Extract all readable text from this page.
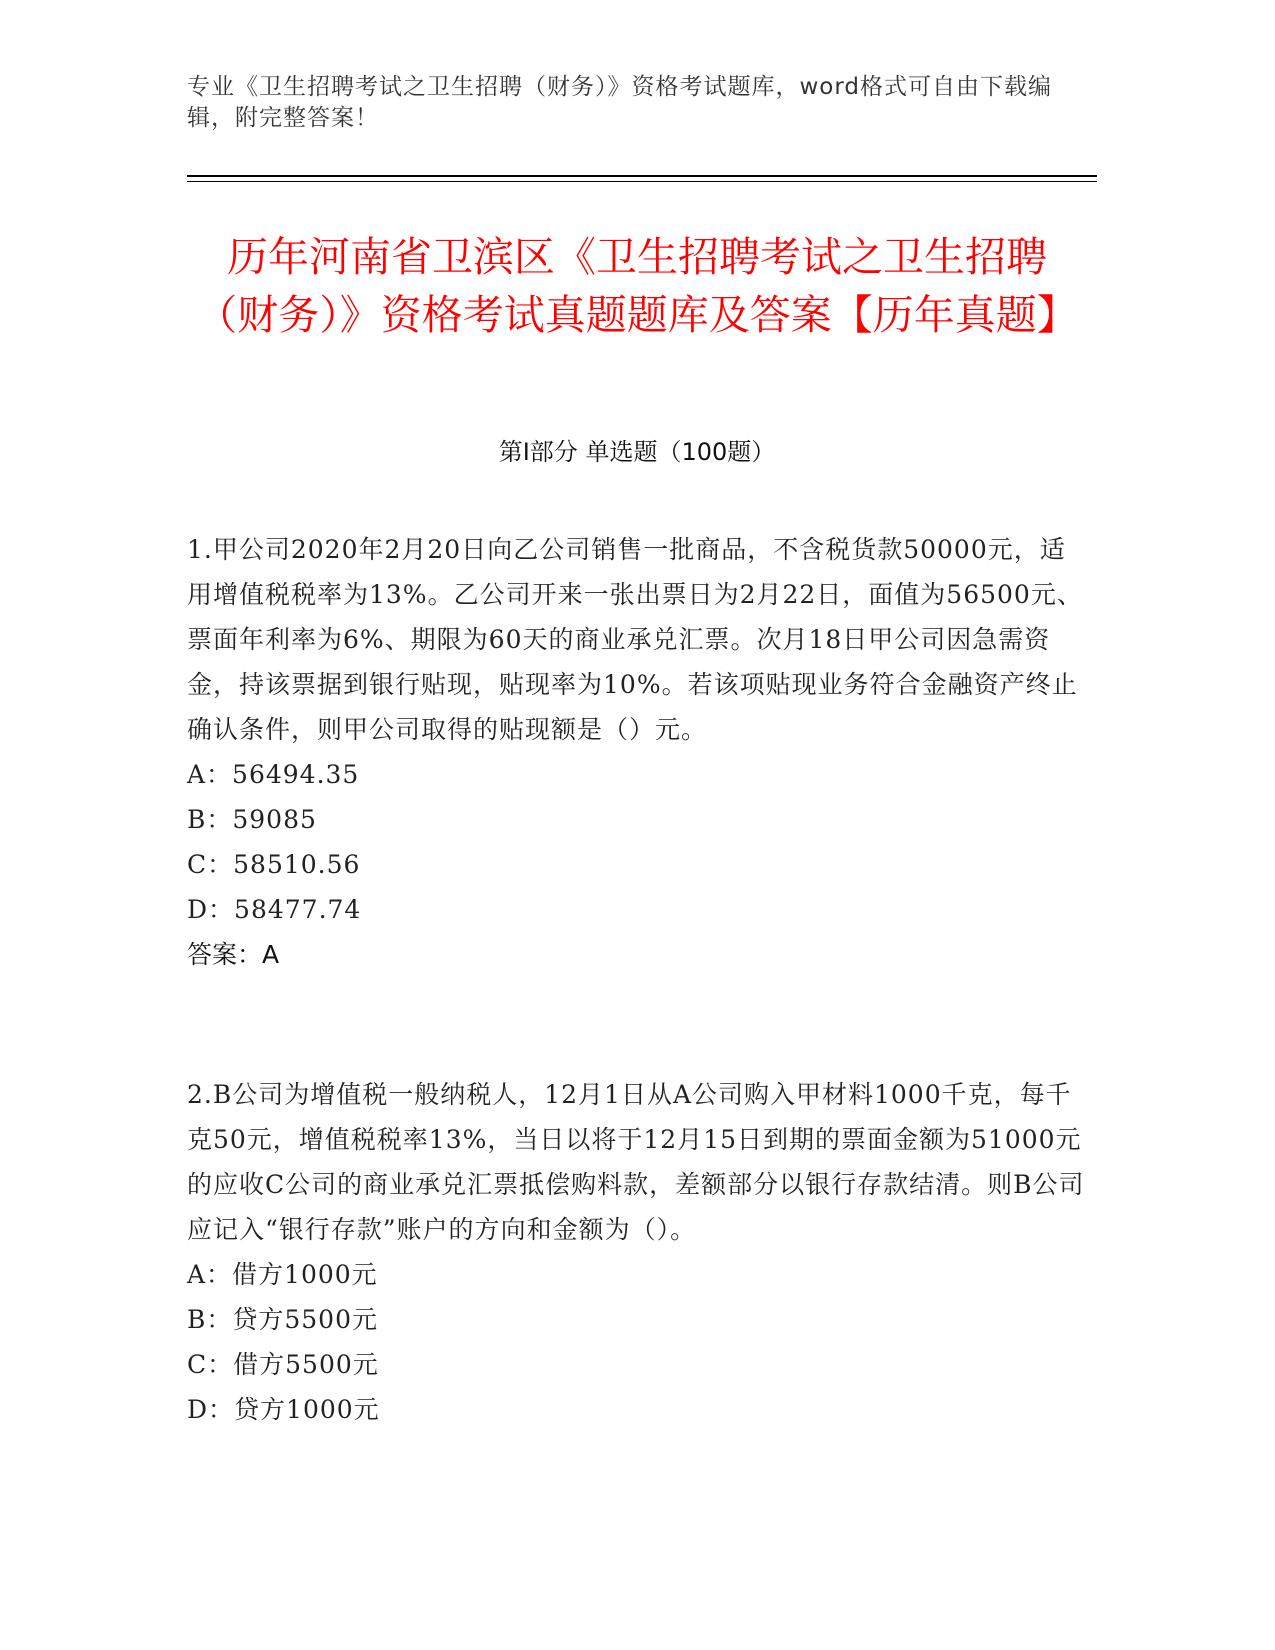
专业《卫生招聘考试之卫生招聘（财务）》资格考试题库，word格式可自由下载编辑，附完整答案！
历年河南省卫滨区《卫生招聘考试之卫生招聘（财务）》资格考试真题题库及答案【历年真题】
第I部分 单选题（100题）

1.甲公司2020年2月20日向乙公司销售一批商品，不含税货款50000元，适用增值税税率为13%。乙公司开来一张出票日为2月22日，面值为56500元、票面年利率为6%、期限为60天的商业承兑汇票。次月18日甲公司因急需资金，持该票据到银行贴现，贴现率为10%。若该项贴现业务符合金融资产终止确认条件，则甲公司取得的贴现额是（）元。

A：56494.35

B：59085

C：58510.56

D：58477.74

答案：A

2.B公司为增值税一般纳税人，12月1日从A公司购入甲材料1000千克，每千克50元，增值税税率13%，当日以将于12月15日到期的票面金额为51000元的应收C公司的商业承兑汇票抵偿购料款，差额部分以银行存款结清。则B公司应记入“银行存款”账户的方向和金额为（）。

A：借方1000元

B：贷方5500元

C：借方5500元

D：贷方1000元
